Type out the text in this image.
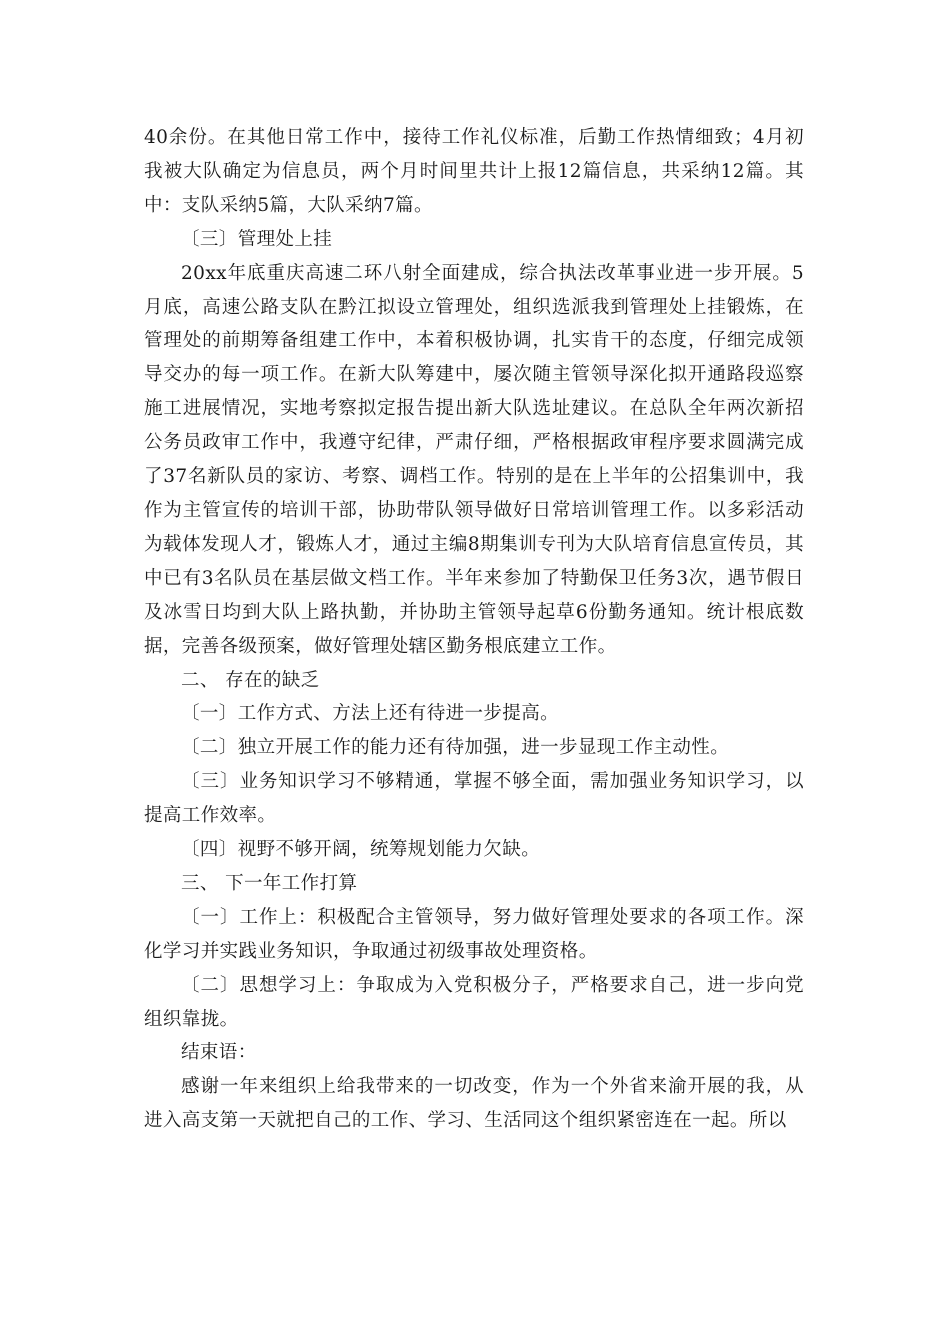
40余份。在其他日常工作中，接待工作礼仪标准，后勤工作热情细致；4月初我被大队确定为信息员，两个月时间里共计上报12篇信息，共采纳12篇。其中：支队采纳5篇，大队采纳7篇。

〔三〕管理处上挂

20xx年底重庆高速二环八射全面建成，综合执法改革事业进一步开展。5月底，高速公路支队在黔江拟设立管理处，组织选派我到管理处上挂锻炼，在管理处的前期筹备组建工作中，本着积极协调，扎实肯干的态度，仔细完成领导交办的每一项工作。在新大队筹建中，屡次随主管领导深化拟开通路段巡察施工进展情况，实地考察拟定报告提出新大队选址建议。在总队全年两次新招公务员政审工作中，我遵守纪律，严肃仔细，严格根据政审程序要求圆满完成了37名新队员的家访、考察、调档工作。特别的是在上半年的公招集训中，我作为主管宣传的培训干部，协助带队领导做好日常培训管理工作。以多彩活动为载体发现人才，锻炼人才，通过主编8期集训专刊为大队培育信息宣传员，其中已有3名队员在基层做文档工作。半年来参加了特勤保卫任务3次，遇节假日及冰雪日均到大队上路执勤，并协助主管领导起草6份勤务通知。统计根底数据，完善各级预案，做好管理处辖区勤务根底建立工作。

二、 存在的缺乏

〔一〕工作方式、方法上还有待进一步提高。

〔二〕独立开展工作的能力还有待加强，进一步显现工作主动性。

〔三〕业务知识学习不够精通，掌握不够全面，需加强业务知识学习，以提高工作效率。

〔四〕视野不够开阔，统筹规划能力欠缺。

三、 下一年工作打算

〔一〕工作上：积极配合主管领导，努力做好管理处要求的各项工作。深化学习并实践业务知识，争取通过初级事故处理资格。

〔二〕思想学习上：争取成为入党积极分子，严格要求自己，进一步向党组织靠拢。

结束语：

感谢一年来组织上给我带来的一切改变，作为一个外省来渝开展的我，从进入高支第一天就把自己的工作、学习、生活同这个组织紧密连在一起。所以
